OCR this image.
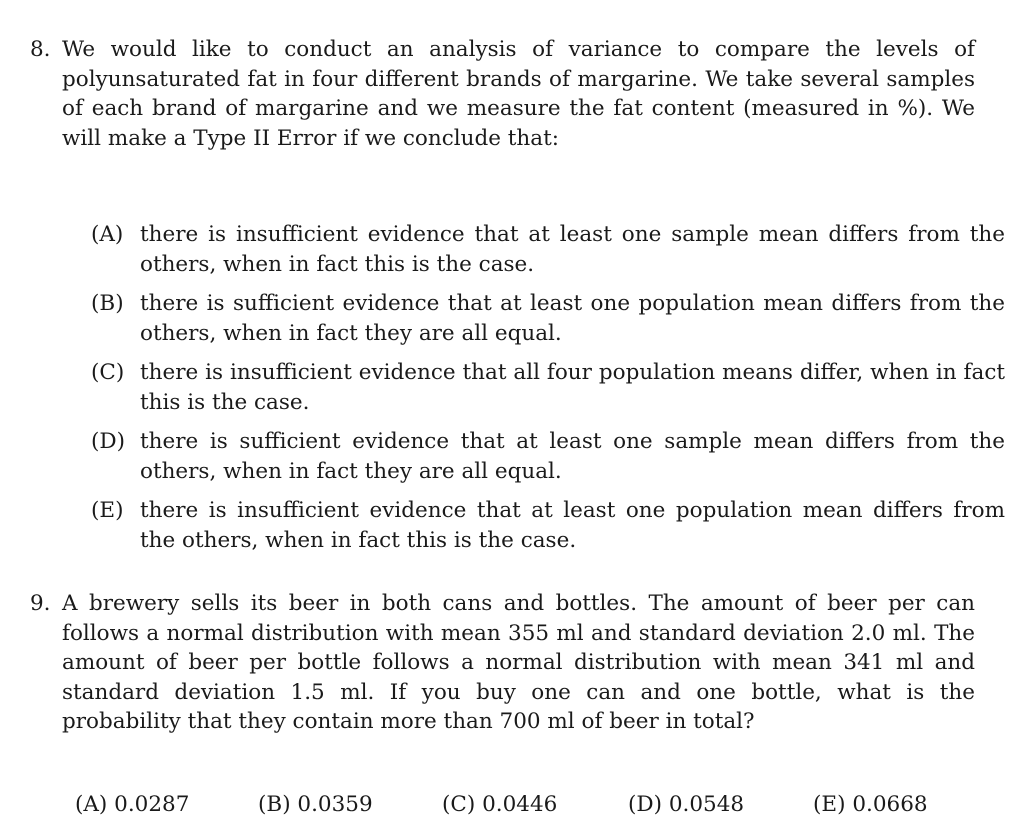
8. We would like to conduct an analysis of variance to compare the levels of polyunsaturated fat in four different brands of margarine. We take several samples of each brand of margarine and we measure the fat content (measured in %). We will make a Type II Error if we conclude that:
(A) there is insufficient evidence that at least one sample mean differs from the others, when in fact this is the case.
(B) there is sufficient evidence that at least one population mean differs from the others, when in fact they are all equal.
(C) there is insufficient evidence that all four population means differ, when in fact this is the case.
(D) there is sufficient evidence that at least one sample mean differs from the others, when in fact they are all equal.
(E) there is insufficient evidence that at least one population mean differs from the others, when in fact this is the case.
9. A brewery sells its beer in both cans and bottles. The amount of beer per can follows a normal distribution with mean 355 ml and standard deviation 2.0 ml. The amount of beer per bottle follows a normal distribution with mean 341 ml and standard deviation 1.5 ml. If you buy one can and one bottle, what is the probability that they contain more than 700 ml of beer in total?
(A) 0.0287	(B) 0.0359	(C) 0.0446	(D) 0.0548	(E) 0.0668
